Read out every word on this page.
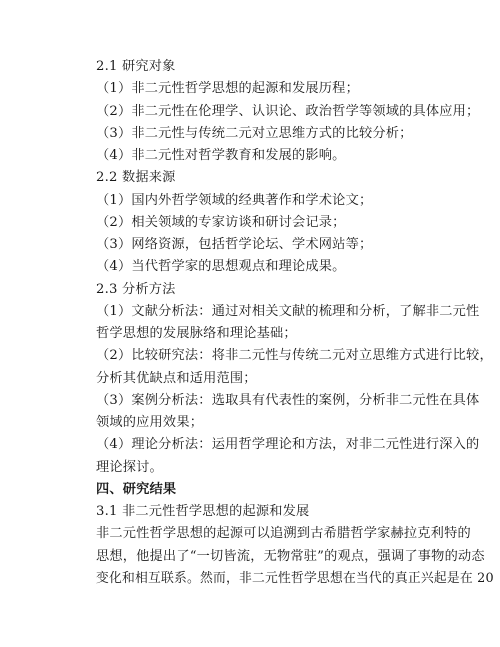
2.1 研究对象
（1）非二元性哲学思想的起源和发展历程；
（2）非二元性在伦理学、认识论、政治哲学等领域的具体应用；
（3）非二元性与传统二元对立思维方式的比较分析；
（4）非二元性对哲学教育和发展的影响。
2.2 数据来源
（1）国内外哲学领域的经典著作和学术论文；
（2）相关领域的专家访谈和研讨会记录；
（3）网络资源，包括哲学论坛、学术网站等；
（4）当代哲学家的思想观点和理论成果。
2.3 分析方法
（1）文献分析法：通过对相关文献的梳理和分析，了解非二元性
哲学思想的发展脉络和理论基础；
（2）比较研究法：将非二元性与传统二元对立思维方式进行比较，
分析其优缺点和适用范围；
（3）案例分析法：选取具有代表性的案例，分析非二元性在具体
领域的应用效果；
（4）理论分析法：运用哲学理论和方法，对非二元性进行深入的
理论探讨。
四、研究结果
3.1 非二元性哲学思想的起源和发展
非二元性哲学思想的起源可以追溯到古希腊哲学家赫拉克利特的
思想，他提出了“一切皆流，无物常驻”的观点，强调了事物的动态
变化和相互联系。然而，非二元性哲学思想在当代的真正兴起是在 20
